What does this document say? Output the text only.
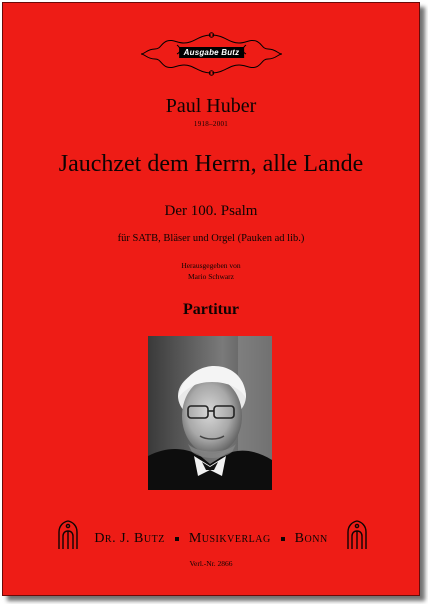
Ausgabe Butz
Paul Huber
1918–2001
Jauchzet dem Herrn, alle Lande
Der 100. Psalm
für SATB, Bläser und Orgel (Pauken ad lib.)
Herausgegeben von
Mario Schwarz
Partitur
Dr. J. Butz Musikverlag Bonn
Verl.-Nr. 2866
